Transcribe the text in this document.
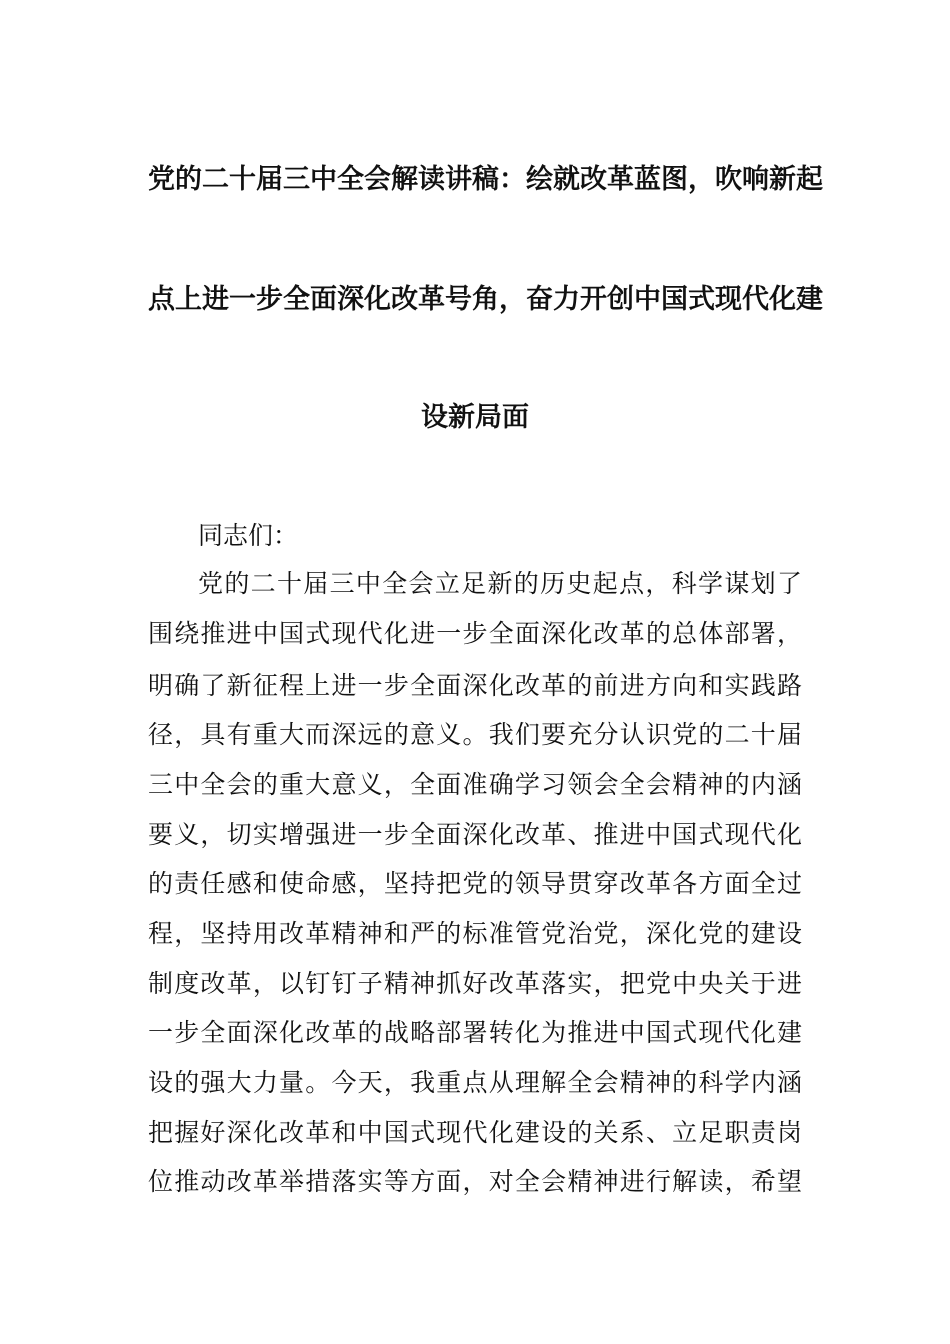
党的二十届三中全会解读讲稿：绘就改革蓝图，吹响新起
点上进一步全面深化改革号角，奋力开创中国式现代化建
设新局面
同志们：
党的二十届三中全会立足新的历史起点，科学谋划了
围绕推进中国式现代化进一步全面深化改革的总体部署，
明确了新征程上进一步全面深化改革的前进方向和实践路
径，具有重大而深远的意义。我们要充分认识党的二十届
三中全会的重大意义，全面准确学习领会全会精神的内涵
要义，切实增强进一步全面深化改革、推进中国式现代化
的责任感和使命感，坚持把党的领导贯穿改革各方面全过
程，坚持用改革精神和严的标准管党治党，深化党的建设
制度改革，以钉钉子精神抓好改革落实，把党中央关于进
一步全面深化改革的战略部署转化为推进中国式现代化建
设的强大力量。今天，我重点从理解全会精神的科学内涵
把握好深化改革和中国式现代化建设的关系、立足职责岗
位推动改革举措落实等方面，对全会精神进行解读，希望
